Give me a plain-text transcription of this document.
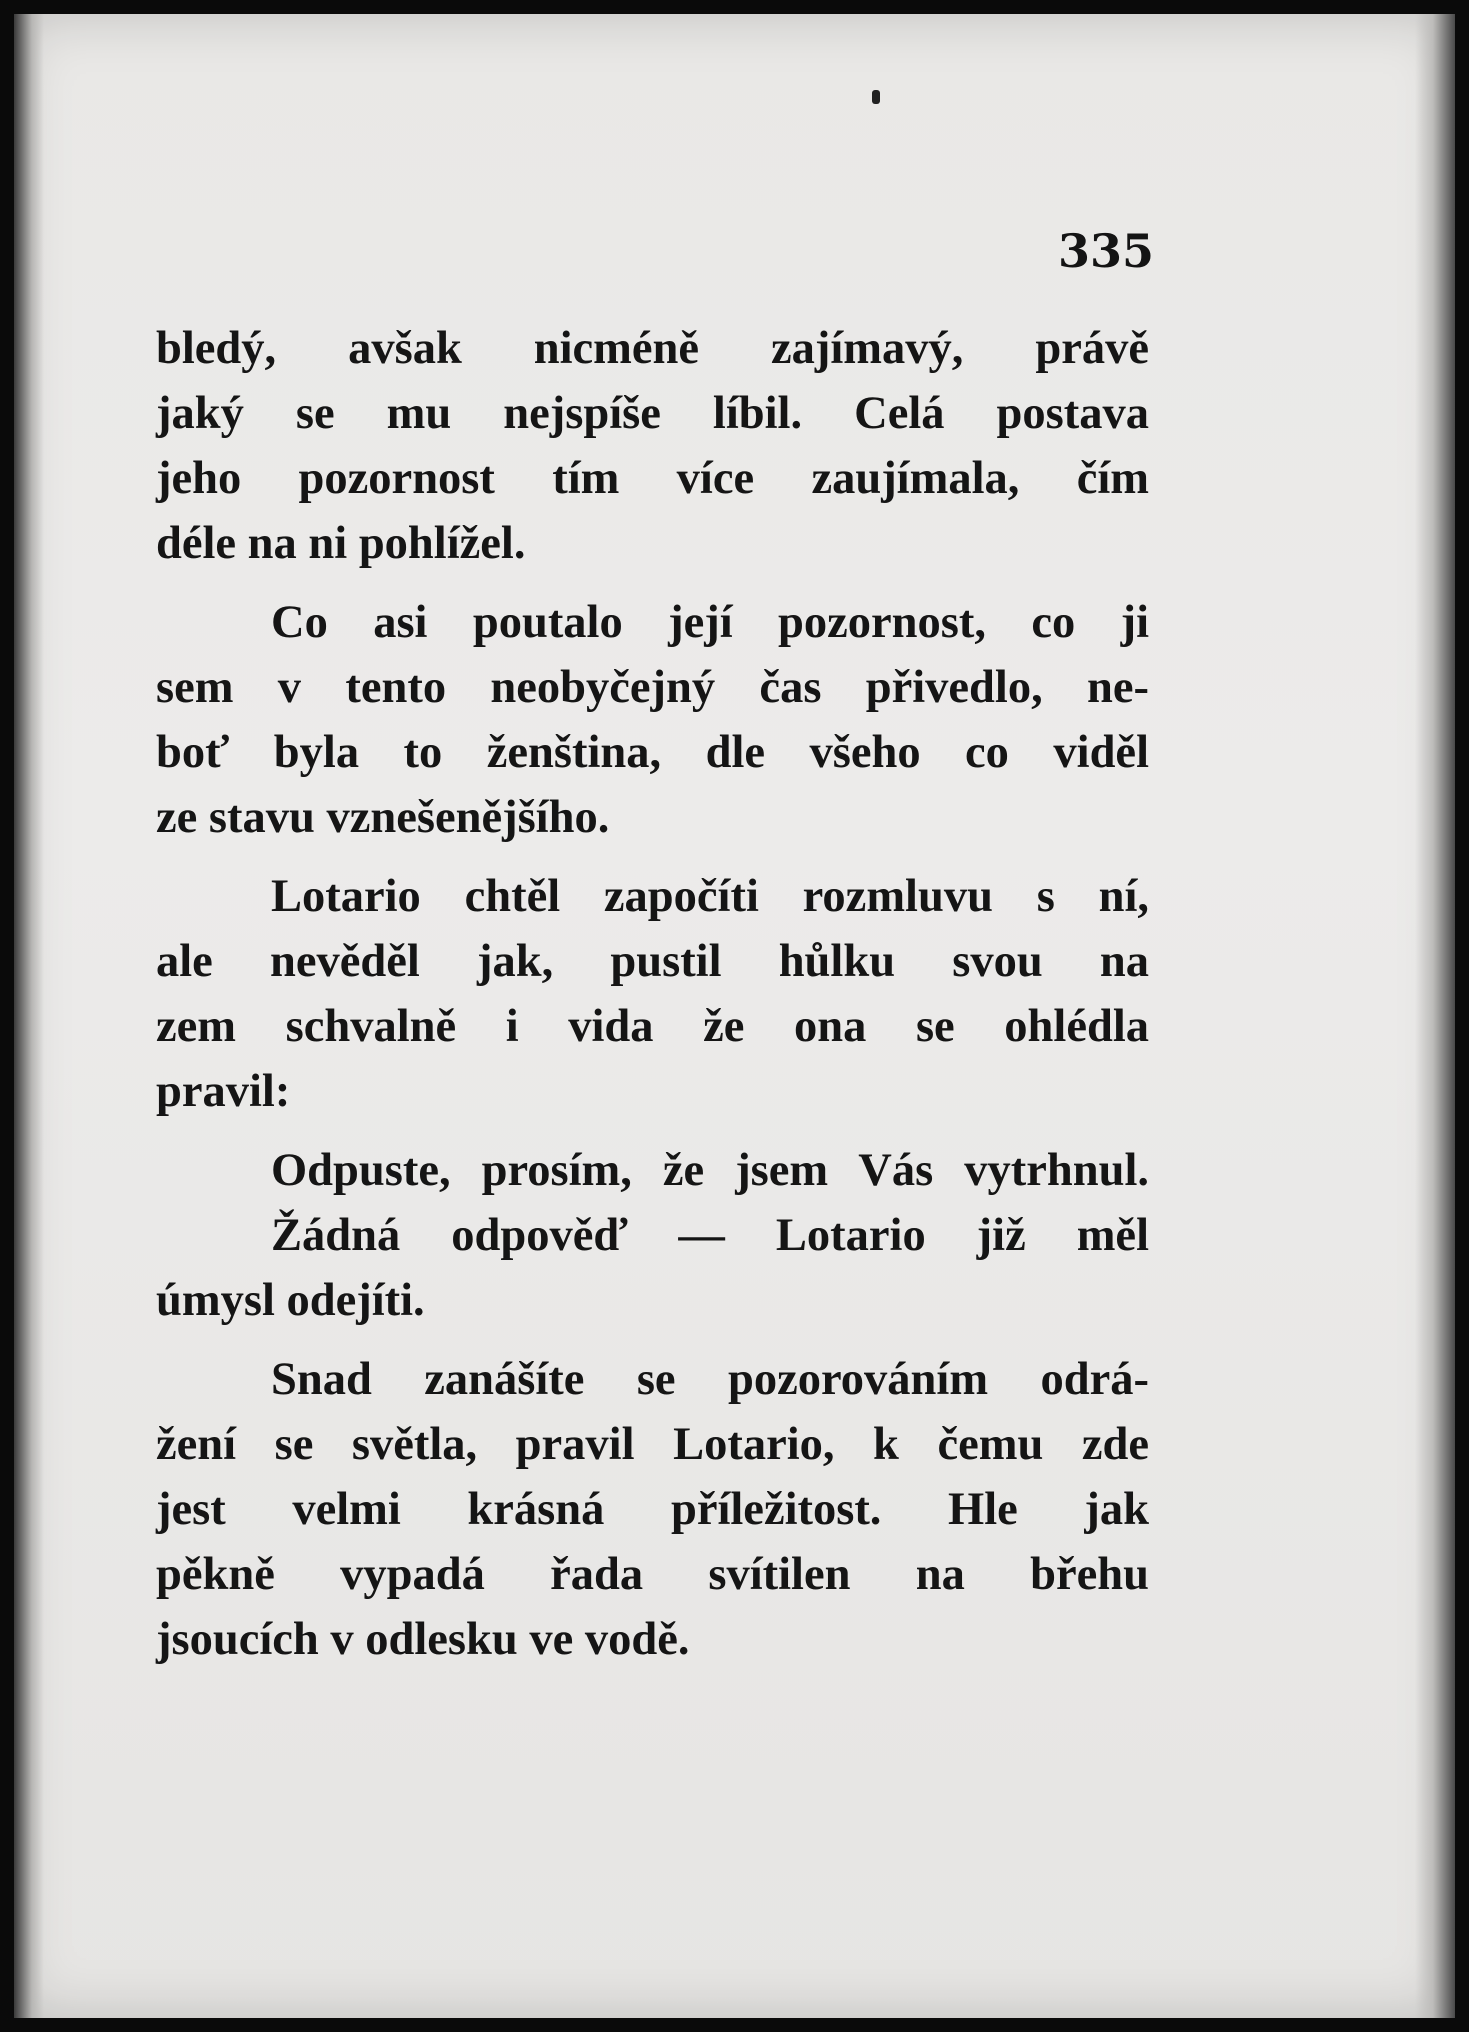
335
bledý, avšak nicméně zajímavý, právě
jaký se mu nejspíše líbil. Celá postava
jeho pozornost tím více zaujímala, čím
déle na ni pohlížel.
Co asi poutalo její pozornost, co ji
sem v tento neobyčejný čas přivedlo, ne-
boť byla to ženština, dle všeho co viděl
ze stavu vznešenějšího.
Lotario chtěl započíti rozmluvu s ní,
ale nevěděl jak, pustil hůlku svou na
zem schvalně i vida že ona se ohlédla
pravil:
Odpuste, prosím, že jsem Vás vytrhnul.
Žádná odpověď — Lotario již měl
úmysl odejíti.
Snad zanášíte se pozorováním odrá-
žení se světla, pravil Lotario, k čemu zde
jest velmi krásná příležitost. Hle jak
pěkně vypadá řada svítilen na břehu
jsoucích v odlesku ve vodě.
